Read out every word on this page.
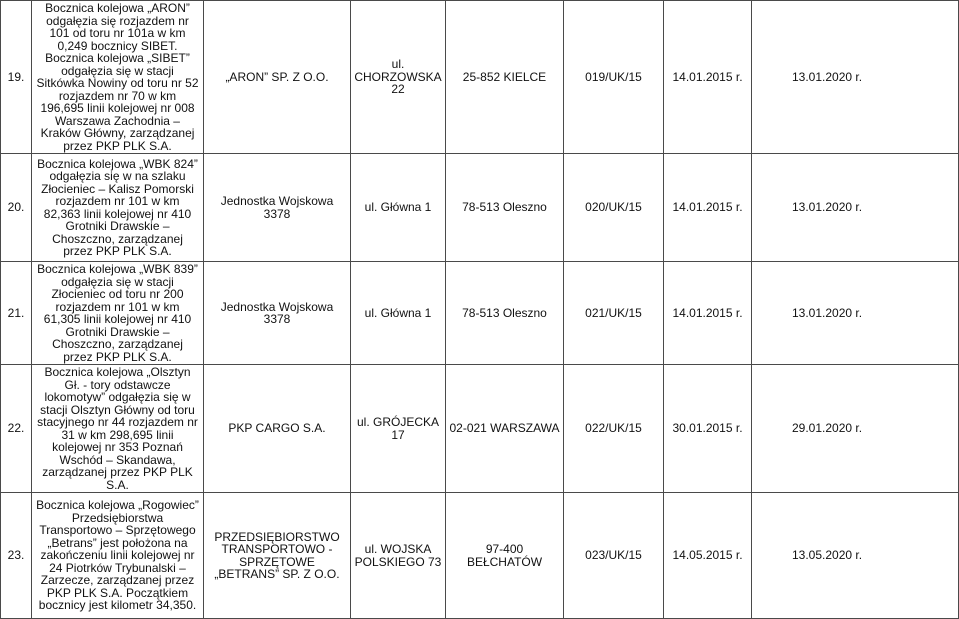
19.	Bocznica kolejowa „ARON” odgałęzia się rozjazdem nr 101 od toru nr 101a w km 0,249 bocznicy SIBET. Bocznica kolejowa „SIBET” odgałęzia się w stacji Sitkówka Nowiny od toru nr 52 rozjazdem nr 70 w km 196,695 linii kolejowej nr 008 Warszawa Zachodnia – Kraków Główny, zarządzanej przez PKP PLK S.A.	„ARON” SP. Z O.O.	ul. CHORZOWSKA 22	25-852 KIELCE	019/UK/15	14.01.2015 r.	13.01.2020 r.
20.	Bocznica kolejowa „WBK 824” odgałęzia się w na szlaku Złocieniec – Kalisz Pomorski rozjazdem nr 101 w km 82,363 linii kolejowej nr 410 Grotniki Drawskie – Choszczno, zarządzanej przez PKP PLK S.A.	Jednostka Wojskowa 3378	ul. Główna 1	78-513 Oleszno	020/UK/15	14.01.2015 r.	13.01.2020 r.
21.	Bocznica kolejowa „WBK 839” odgałęzia się w stacji Złocieniec od toru nr 200 rozjazdem nr 101 w km 61,305 linii kolejowej nr 410 Grotniki Drawskie – Choszczno, zarządzanej przez PKP PLK S.A.	Jednostka Wojskowa 3378	ul. Główna 1	78-513 Oleszno	021/UK/15	14.01.2015 r.	13.01.2020 r.
22.	Bocznica kolejowa „Olsztyn Gł. - tory odstawcze lokomotyw” odgałęzia się w stacji Olsztyn Główny od toru stacyjnego nr 44 rozjazdem nr 31 w km 298,695 linii kolejowej nr 353 Poznań Wschód – Skandawa, zarządzanej przez PKP PLK S.A.	PKP CARGO S.A.	ul. GRÓJECKA 17	02-021 WARSZAWA	022/UK/15	30.01.2015 r.	29.01.2020 r.
23.	Bocznica kolejowa „Rogowiec” Przedsiębiorstwa Transportowo – Sprzętowego „Betrans” jest położona na zakończeniu linii kolejowej nr 24 Piotrków Trybunalski – Zarzecze, zarządzanej przez PKP PLK S.A. Początkiem bocznicy jest kilometr 34,350.	PRZEDSIĘBIORSTWO TRANSPORTOWO - SPRZĘTOWE „BETRANS” SP. Z O.O.	ul. WOJSKA POLSKIEGO 73	97-400 BEŁCHATÓW	023/UK/15	14.05.2015 r.	13.05.2020 r.
